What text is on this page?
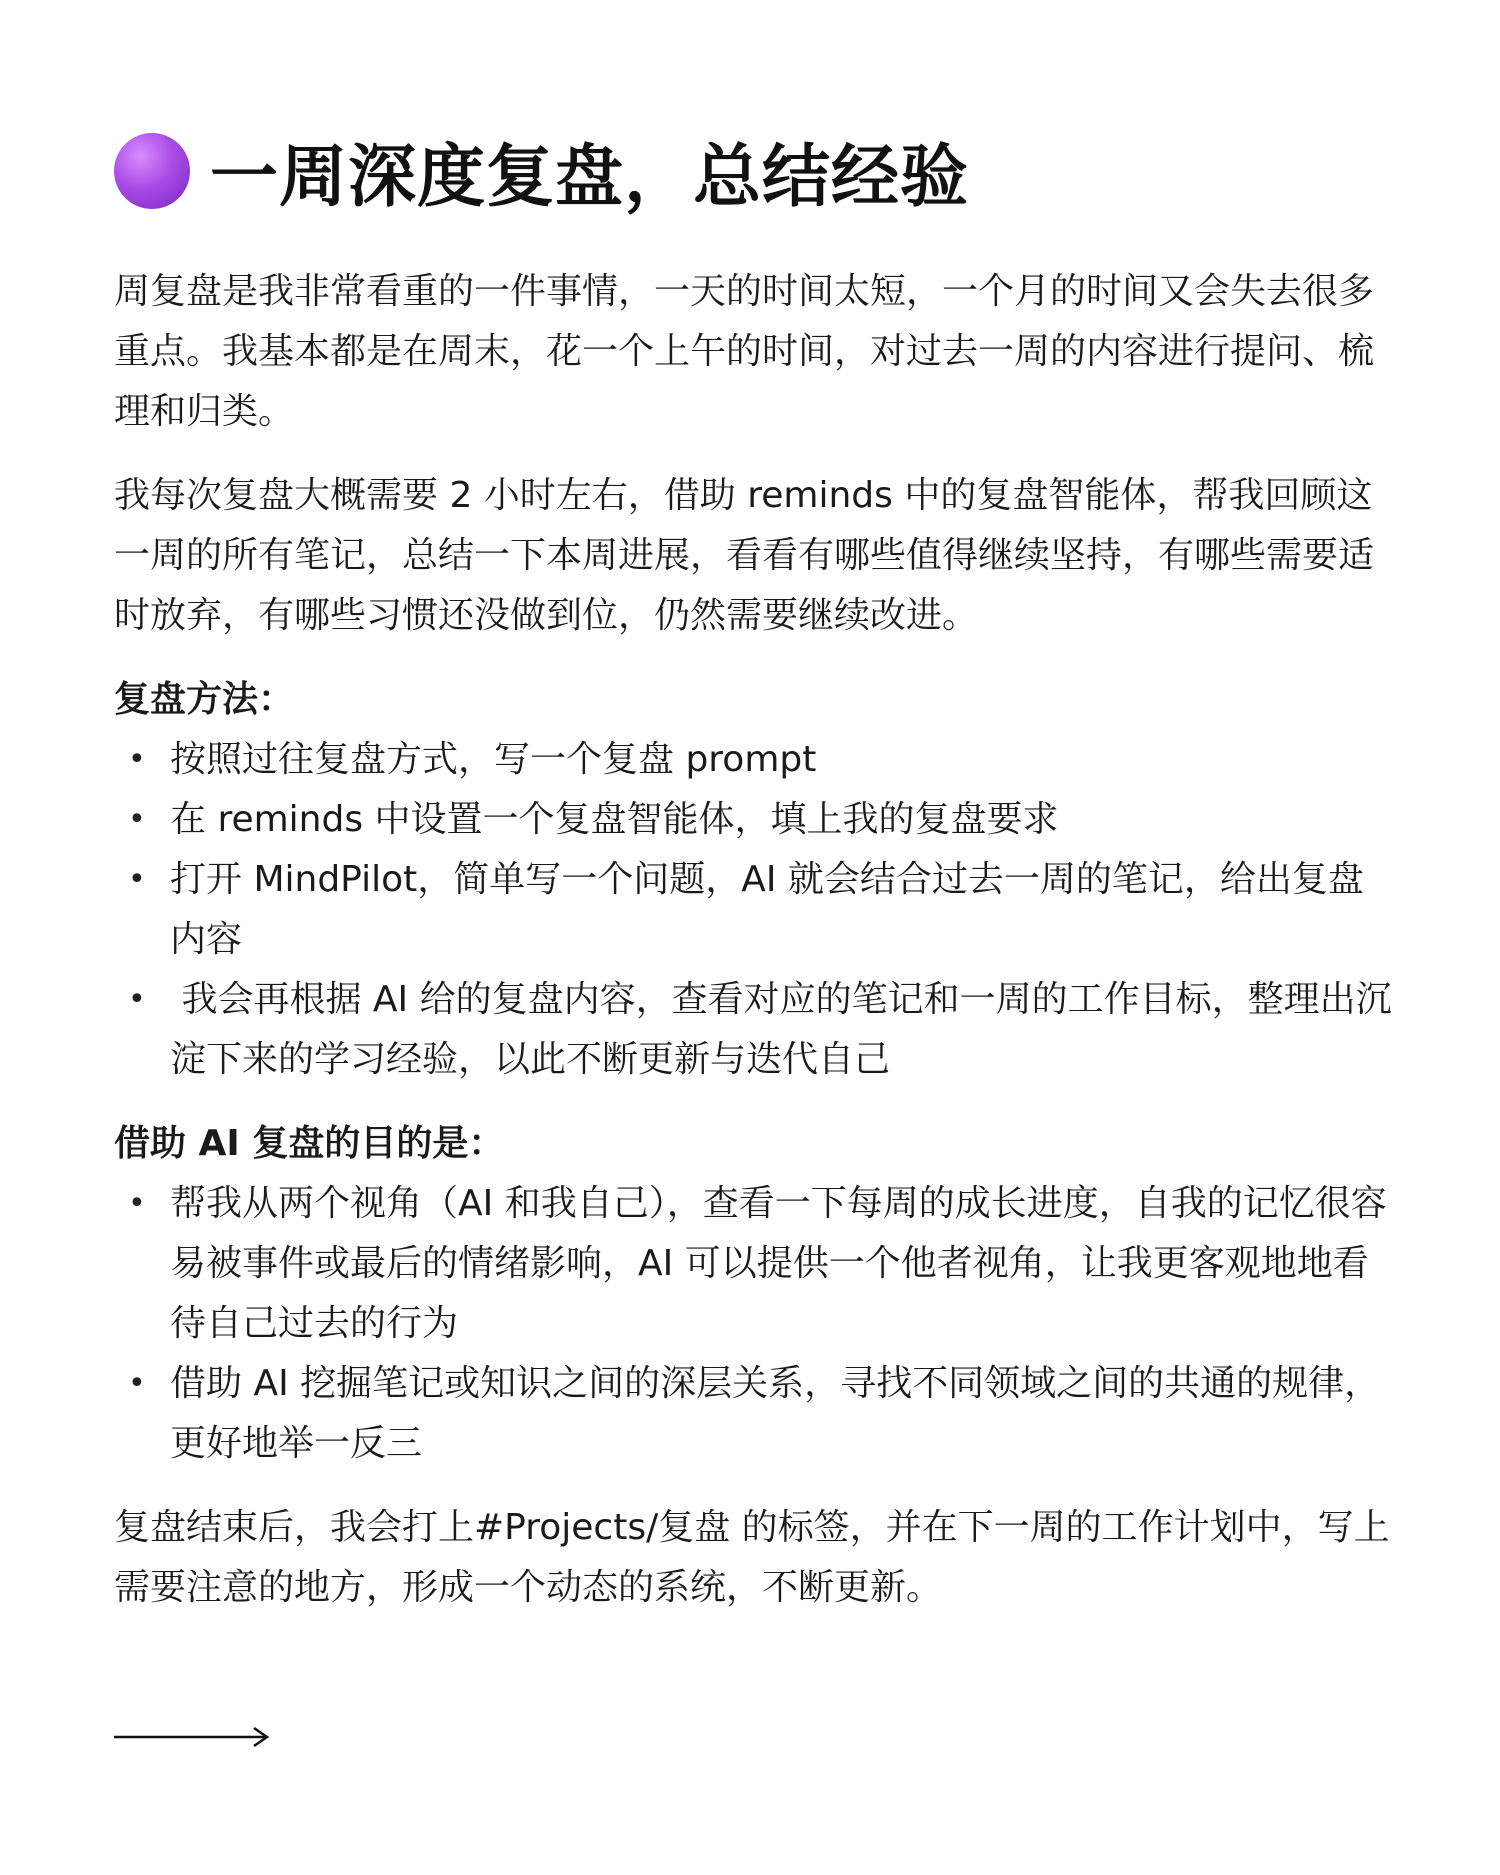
一周深度复盘，总结经验

周复盘是我非常看重的一件事情，一天的时间太短，一个月的时间又会失去很多重点。我基本都是在周末，花一个上午的时间，对过去一周的内容进行提问、梳理和归类。

我每次复盘大概需要 2 小时左右，借助 reminds 中的复盘智能体，帮我回顾这一周的所有笔记，总结一下本周进展，看看有哪些值得继续坚持，有哪些需要适时放弃，有哪些习惯还没做到位，仍然需要继续改进。

复盘方法：

• 按照过往复盘方式，写一个复盘 prompt
• 在 reminds 中设置一个复盘智能体，填上我的复盘要求
• 打开 MindPilot，简单写一个问题，AI 就会结合过去一周的笔记，给出复盘内容
•  我会再根据 AI 给的复盘内容，查看对应的笔记和一周的工作目标，整理出沉淀下来的学习经验，以此不断更新与迭代自己

借助 AI 复盘的目的是：

• 帮我从两个视角（AI 和我自己），查看一下每周的成长进度，自我的记忆很容易被事件或最后的情绪影响，AI 可以提供一个他者视角，让我更客观地地看待自己过去的行为
• 借助 AI 挖掘笔记或知识之间的深层关系，寻找不同领域之间的共通的规律，更好地举一反三

复盘结束后，我会打上#Projects/复盘 的标签，并在下一周的工作计划中，写上需要注意的地方，形成一个动态的系统，不断更新。
